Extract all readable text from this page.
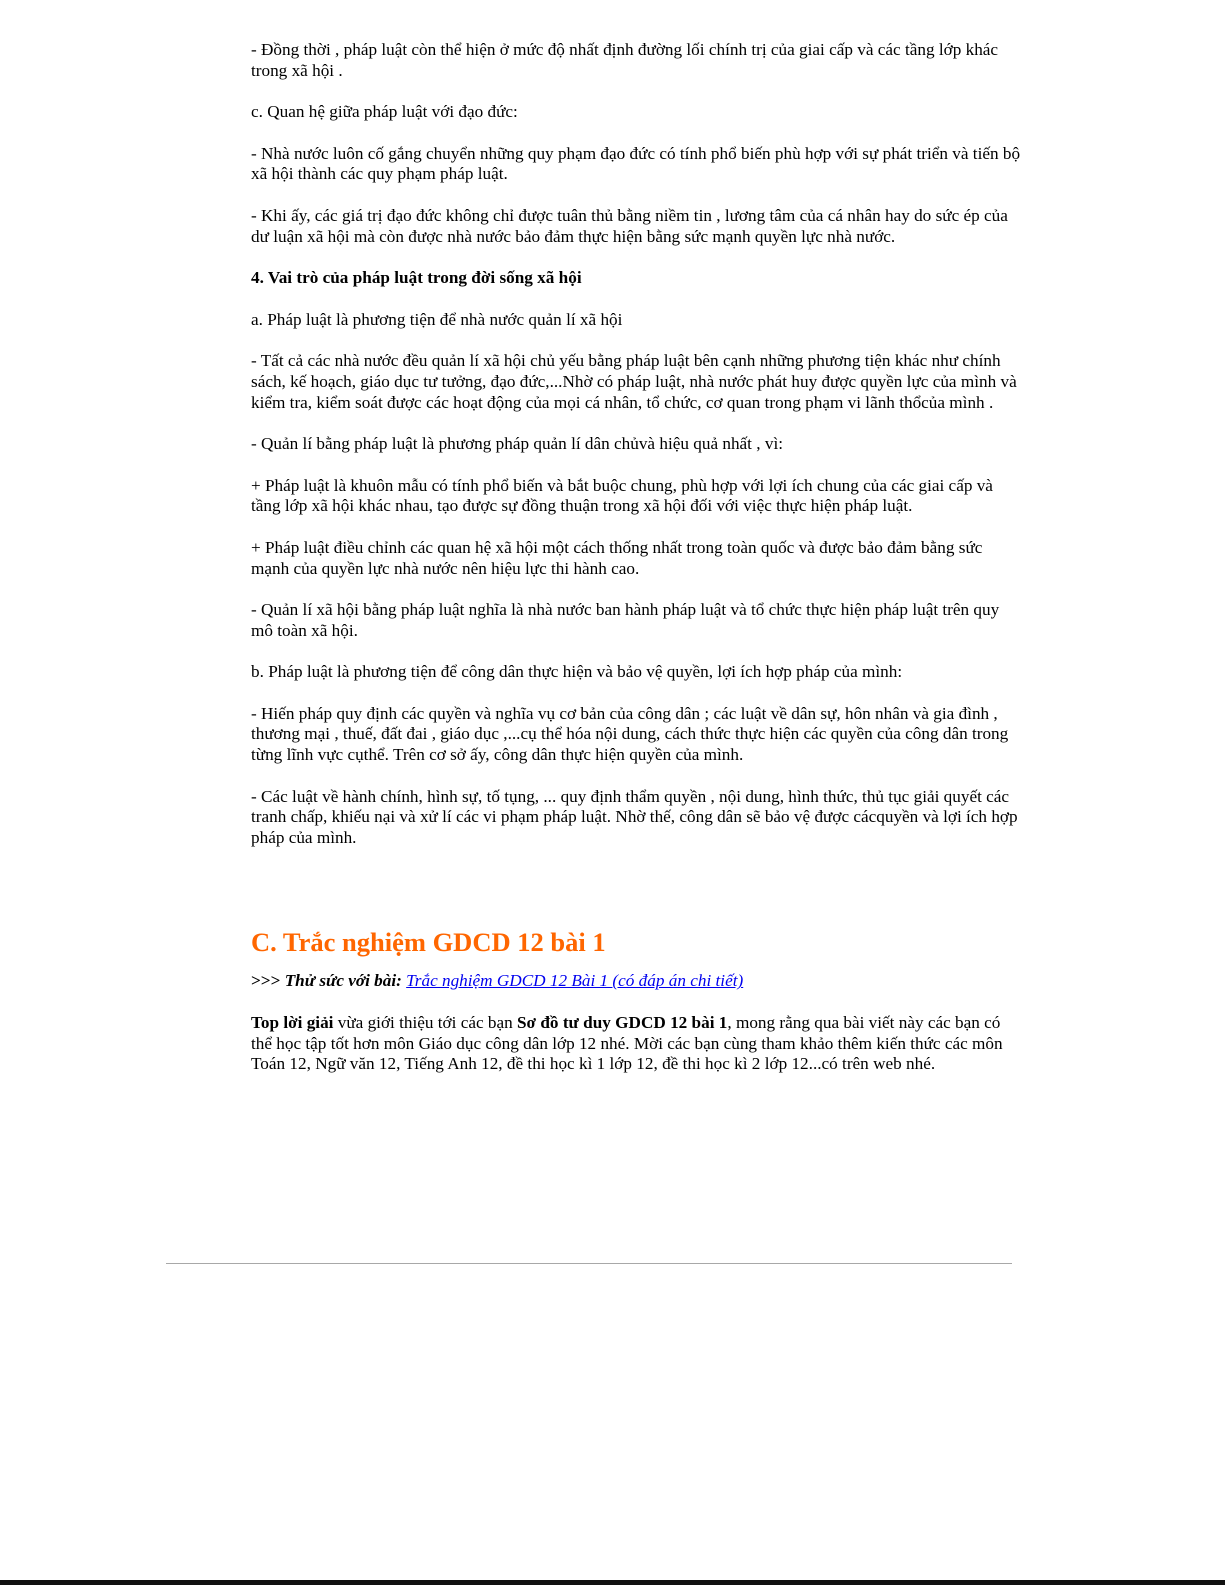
- Đồng thời , pháp luật còn thể hiện ở mức độ nhất định đường lối chính trị của giai cấp và các tầng lớp khác trong xã hội .

c. Quan hệ giữa pháp luật với đạo đức:

- Nhà nước luôn cố gắng chuyển những quy phạm đạo đức có tính phổ biến phù hợp với sự phát triển và tiến bộ xã hội thành các quy phạm pháp luật.

- Khi ấy, các giá trị đạo đức không chỉ được tuân thủ bằng niềm tin , lương tâm của cá nhân hay do sức ép của dư luận xã hội mà còn được nhà nước bảo đảm thực hiện bằng sức mạnh quyền lực nhà nước.

4. Vai trò của pháp luật trong đời sống xã hội

a. Pháp luật là phương tiện để nhà nước quản lí xã hội

- Tất cả các nhà nước đều quản lí xã hội chủ yếu bằng pháp luật bên cạnh những phương tiện khác như chính sách, kế hoạch, giáo dục tư tưởng, đạo đức,...Nhờ có pháp luật, nhà nước phát huy được quyền lực của mình và kiểm tra, kiểm soát được các hoạt động của mọi cá nhân, tổ chức, cơ quan trong phạm vi lãnh thổcủa mình .

- Quản lí bằng pháp luật là phương pháp quản lí dân chủvà hiệu quả nhất , vì:

+ Pháp luật là khuôn mẫu có tính phổ biến và bắt buộc chung, phù hợp với lợi ích chung của các giai cấp và tầng lớp xã hội khác nhau, tạo được sự đồng thuận trong xã hội đối với việc thực hiện pháp luật.

+ Pháp luật điều chỉnh các quan hệ xã hội một cách thống nhất trong toàn quốc và được bảo đảm bằng sức mạnh của quyền lực nhà nước nên hiệu lực thi hành cao.

- Quản lí xã hội bằng pháp luật nghĩa là nhà nước ban hành pháp luật và tổ chức thực hiện pháp luật trên quy mô toàn xã hội.

b. Pháp luật là phương tiện để công dân thực hiện và bảo vệ quyền, lợi ích hợp pháp của mình:

- Hiến pháp quy định các quyền và nghĩa vụ cơ bản của công dân ; các luật về dân sự, hôn nhân và gia đình , thương mại , thuế, đất đai , giáo dục ,...cụ thể hóa nội dung, cách thức thực hiện các quyền của công dân trong từng lĩnh vực cụthể. Trên cơ sở ấy, công dân thực hiện quyền của mình.

- Các luật về hành chính, hình sự, tố tụng, ... quy định thẩm quyền , nội dung, hình thức, thủ tục giải quyết các tranh chấp, khiếu nại và xử lí các vi phạm pháp luật. Nhờ thế, công dân sẽ bảo vệ được cácquyền và lợi ích hợp pháp của mình.

C. Trắc nghiệm GDCD 12 bài 1

>>> Thử sức với bài: Trắc nghiệm GDCD 12 Bài 1 (có đáp án chi tiết)

Top lời giải vừa giới thiệu tới các bạn Sơ đồ tư duy GDCD 12 bài 1, mong rằng qua bài viết này các bạn có thể học tập tốt hơn môn Giáo dục công dân lớp 12 nhé. Mời các bạn cùng tham khảo thêm kiến thức các môn Toán 12, Ngữ văn 12, Tiếng Anh 12, đề thi học kì 1 lớp 12, đề thi học kì 2 lớp 12...có trên web nhé.
